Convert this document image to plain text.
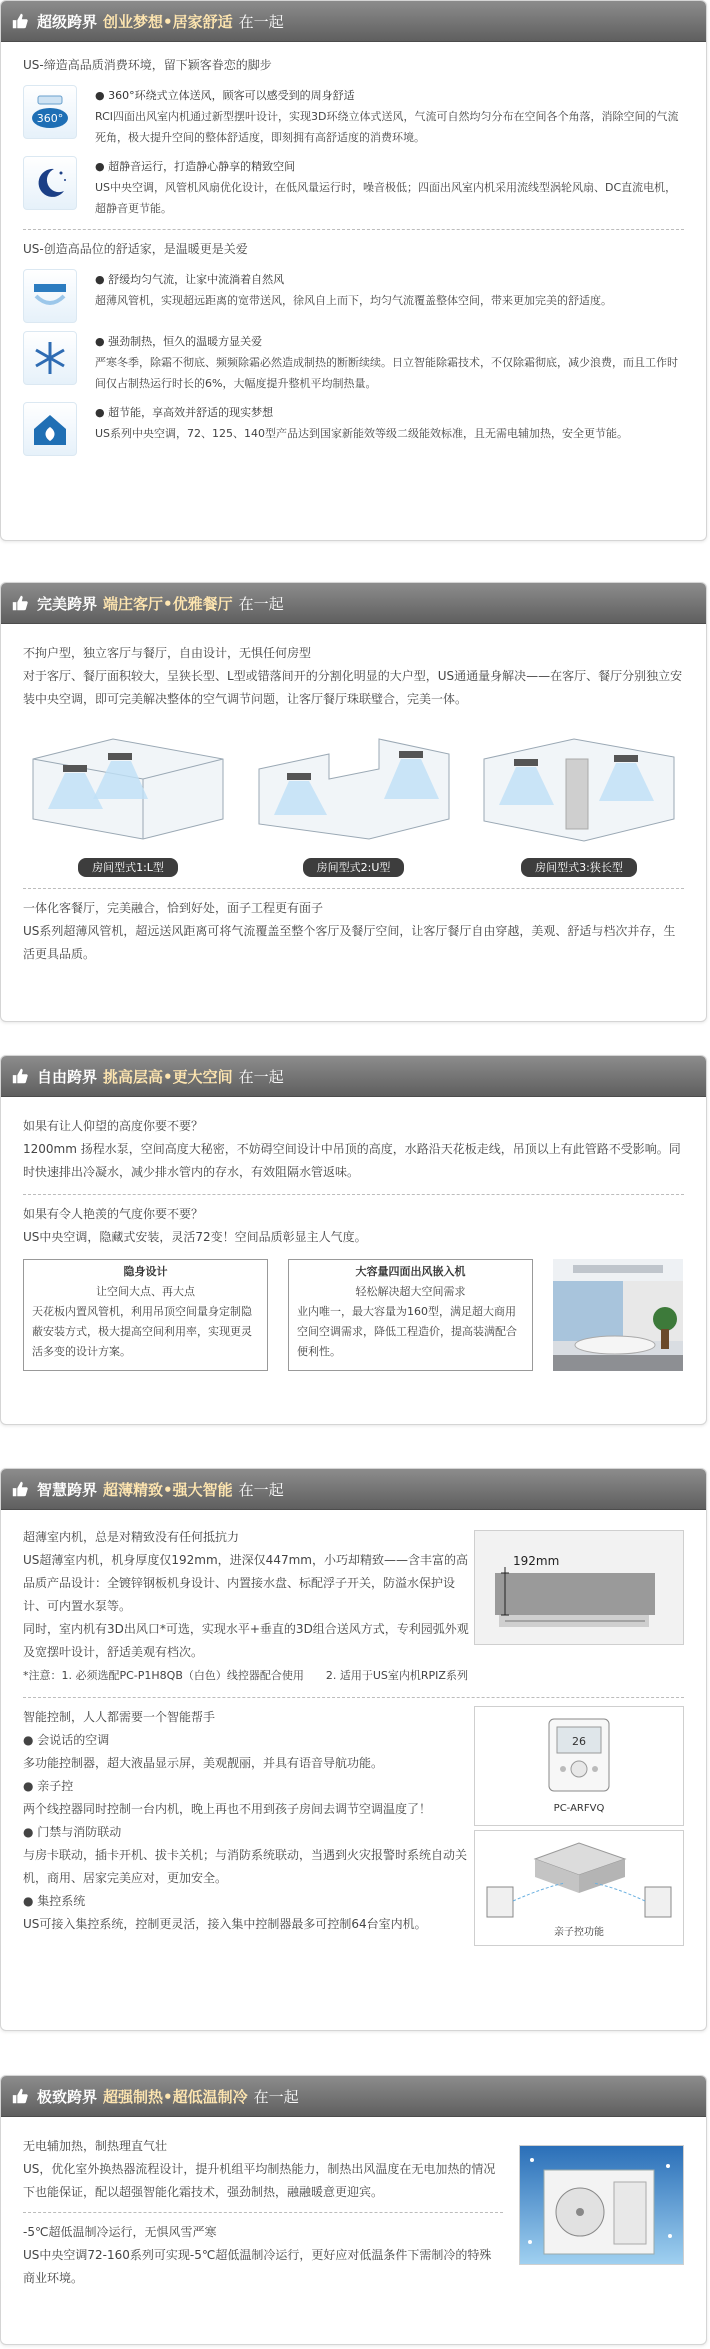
超级跨界 创业梦想•居家舒适 在一起
US-缔造高品质消费环境，留下颖客眷恋的脚步
360°
● 360°环绕式立体送风，顾客可以感受到的周身舒适
RCI四面出风室内机通过新型摆叶设计，实现3D环绕立体式送风，气流可自然均匀分布在空间各个角落，消除空间的气流死角，极大提升空间的整体舒适度，即刻拥有高舒适度的消费环境。
● 超静音运行，打造静心静享的精致空间
US中央空调，风管机风扇优化设计，在低风量运行时，噪音极低；四面出风室内机采用流线型涡轮风扇、DC直流电机，超静音更节能。
US-创造高品位的舒适家，是温暖更是关爱
● 舒缓均匀气流，让家中流淌着自然风
超薄风管机，实现超远距离的宽带送风，徐风自上而下，均匀气流覆盖整体空间，带来更加完美的舒适度。
● 强劲制热，恒久的温暖方显关爱
严寒冬季，除霜不彻底、频频除霜必然造成制热的断断续续。日立智能除霜技术，不仅除霜彻底，减少浪费，而且工作时间仅占制热运行时长的6%，大幅度提升整机平均制热量。
● 超节能，享高效并舒适的现实梦想
US系列中央空调，72、125、140型产品达到国家新能效等级二级能效标准，且无需电辅加热，安全更节能。
完美跨界 端庄客厅•优雅餐厅 在一起
不拘户型，独立客厅与餐厅，自由设计，无惧任何房型
对于客厅、餐厅面积较大，呈狭长型、L型或错落间开的分割化明显的大户型，US通通量身解决——在客厅、餐厅分别独立安装中央空调，即可完美解决整体的空气调节问题，让客厅餐厅珠联璧合，完美一体。
房间型式1:L型	房间型式2:U型	房间型式3:狭长型
一体化客餐厅，完美融合，恰到好处，面子工程更有面子
US系列超薄风管机，超远送风距离可将气流覆盖至整个客厅及餐厅空间，让客厅餐厅自由穿越，美观、舒适与档次并存，生活更具品质。
自由跨界 挑高层高•更大空间 在一起
如果有让人仰望的高度你要不要？
1200mm 扬程水泵，空间高度大秘密，不妨碍空间设计中吊顶的高度，水路沿天花板走线，吊顶以上有此管路不受影响。同时快速排出冷凝水，减少排水管内的存水，有效阻隔水管返味。
如果有令人艳羡的气度你要不要？
US中央空调，隐藏式安装，灵活72变！空间品质彰显主人气度。
隐身设计
让空间大点、再大点
天花板内置风管机，利用吊顶空间量身定制隐蔽安装方式，极大提高空间利用率，实现更灵活多变的设计方案。
大容量四面出风嵌入机
轻松解决超大空间需求
业内唯一，最大容量为160型，满足超大商用空间空调需求，降低工程造价，提高装满配合便利性。
智慧跨界 超薄精致•强大智能 在一起
超薄室内机，总是对精致没有任何抵抗力
US超薄室内机，机身厚度仅192mm，进深仅447mm，小巧却精致——含丰富的高品质产品设计：全镀锌钢板机身设计、内置接水盘、标配浮子开关，防溢水保护设计、可内置水泵等。
同时，室内机有3D出风口*可选，实现水平+垂直的3D组合送风方式，专利园弧外观及宽摆叶设计，舒适美观有档次。
192mm
*注意：1. 必须选配PC-P1H8QB（白色）线控器配合使用　　2. 适用于US室内机RPIZ系列
智能控制，人人都需要一个智能帮手
● 会说话的空调
多功能控制器，超大液晶显示屏，美观靓丽，并具有语音导航功能。
● 亲子控
两个线控器同时控制一台内机，晚上再也不用到孩子房间去调节空调温度了！
● 门禁与消防联动
与房卡联动，插卡开机、拔卡关机；与消防系统联动，当遇到火灾报警时系统自动关机，商用、居家完美应对，更加安全。
● 集控系统
US可接入集控系统，控制更灵活，接入集中控制器最多可控制64台室内机。
26
PC-ARFVQ
亲子控功能
极致跨界 超强制热•超低温制冷 在一起
无电辅加热，制热理直气壮
US，优化室外换热器流程设计，提升机组平均制热能力，制热出风温度在无电加热的情况下也能保证，配以超强智能化霜技术，强劲制热，融融暖意更迎宾。
-5℃超低温制冷运行，无惧风雪严寒
US中央空调72-160系列可实现-5℃超低温制冷运行，更好应对低温条件下需制冷的特殊商业环境。
